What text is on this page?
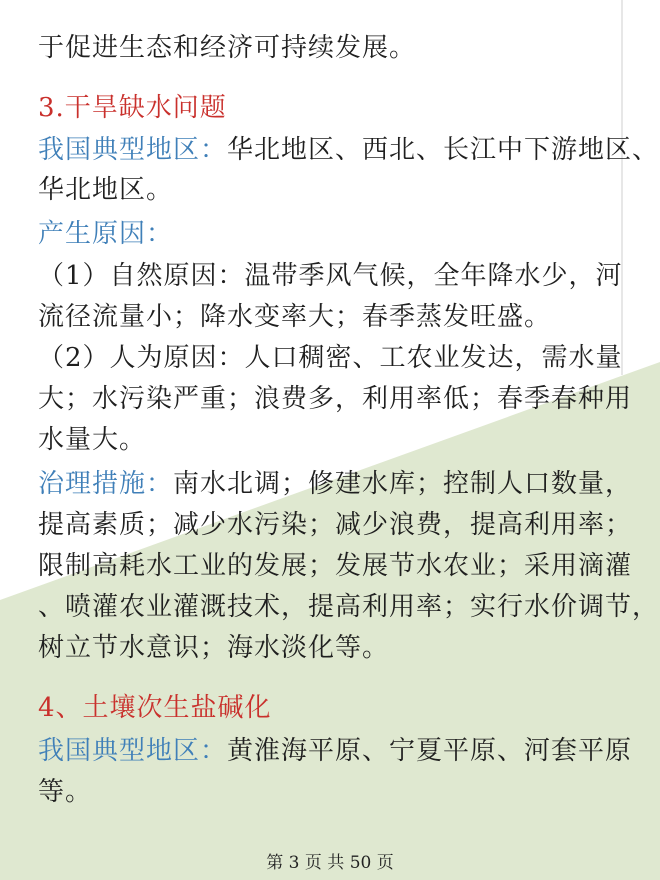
于促进生态和经济可持续发展。
3.干旱缺水问题
我国典型地区：华北地区、西北、长江中下游地区、
华北地区。
产生原因：
（1）自然原因：温带季风气候，全年降水少，河
流径流量小；降水变率大；春季蒸发旺盛。
（2）人为原因：人口稠密、工农业发达，需水量
大；水污染严重；浪费多，利用率低；春季春种用
水量大。
治理措施：南水北调；修建水库；控制人口数量，
提高素质；减少水污染；减少浪费，提高利用率；
限制高耗水工业的发展；发展节水农业；采用滴灌
、喷灌农业灌溉技术，提高利用率；实行水价调节，
树立节水意识；海水淡化等。
4、土壤次生盐碱化
我国典型地区：黄淮海平原、宁夏平原、河套平原
等。
第 3 页 共 50 页
